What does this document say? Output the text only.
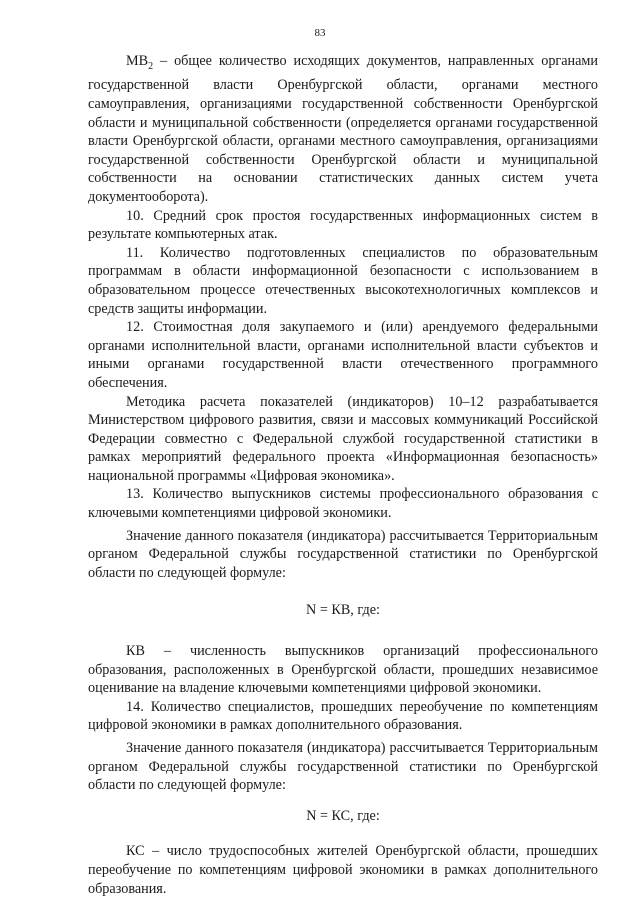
83

$МВ_2$ – общее количество исходящих документов, направленных органами государственной власти Оренбургской области, органами местного самоуправления, организациями государственной собственности Оренбургской области и муниципальной собственности (определяется органами государственной власти Оренбургской области, органами местного самоуправления, организациями государственной собственности Оренбургской области и муниципальной собственности на основании статистических данных систем учета документооборота).

10. Средний срок простоя государственных информационных систем в результате компьютерных атак.

11. Количество подготовленных специалистов по образовательным программам в области информационной безопасности с использованием в образовательном процессе отечественных высокотехнологичных комплексов и средств защиты информации.

12. Стоимостная доля закупаемого и (или) арендуемого федеральными органами исполнительной власти, органами исполнительной власти субъектов и иными органами государственной власти отечественного программного обеспечения.

Методика расчета показателей (индикаторов) 10–12 разрабатывается Министерством цифрового развития, связи и массовых коммуникаций Российской Федерации совместно с Федеральной службой государственной статистики в рамках мероприятий федерального проекта «Информационная безопасность» национальной программы «Цифровая экономика».

13. Количество выпускников системы профессионального образования с ключевыми компетенциями цифровой экономики.

Значение данного показателя (индикатора) рассчитывается Территориальным органом Федеральной службы государственной статистики по Оренбургской области по следующей формуле:

N = КВ, где:

КВ – численность выпускников организаций профессионального образования, расположенных в Оренбургской области, прошедших независимое оценивание на владение ключевыми компетенциями цифровой экономики.

14. Количество специалистов, прошедших переобучение по компетенциям цифровой экономики в рамках дополнительного образования.

Значение данного показателя (индикатора) рассчитывается Территориальным органом Федеральной службы государственной статистики по Оренбургской области по следующей формуле:

N = КС, где:

КС – число трудоспособных жителей Оренбургской области, прошедших переобучение по компетенциям цифровой экономики в рамках дополнительного образования.
